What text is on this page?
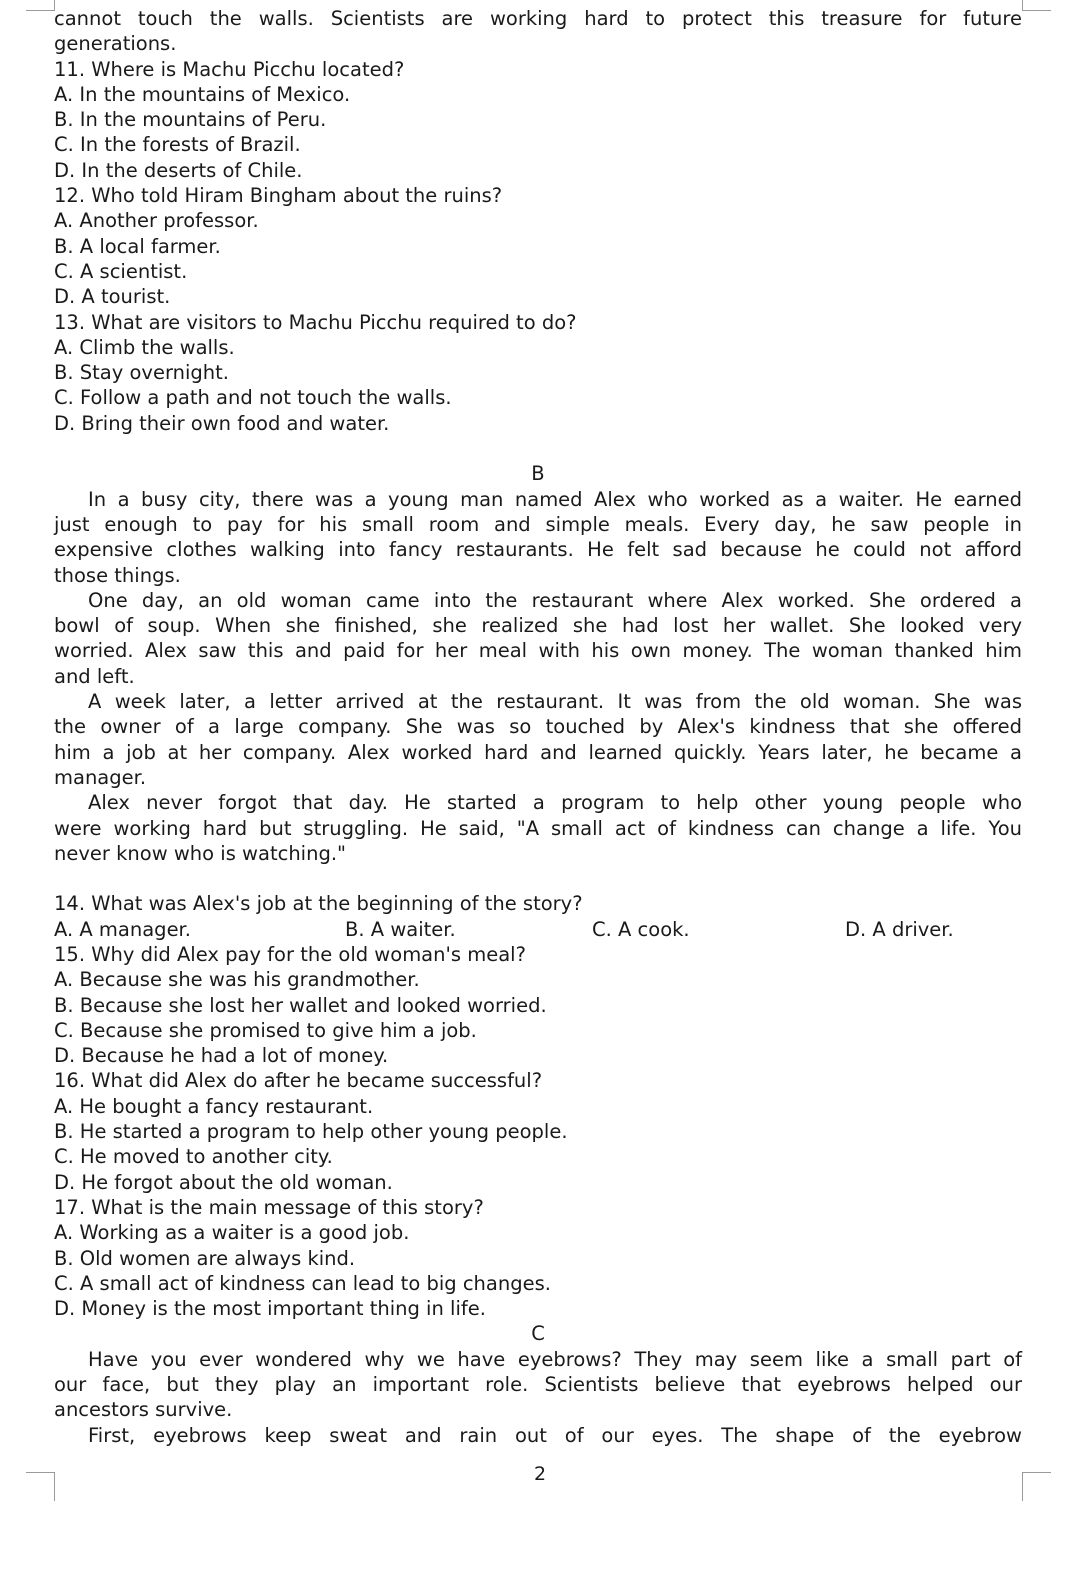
cannot touch the walls. Scientists are working hard to protect this treasure for future
generations.
11. Where is Machu Picchu located?
A. In the mountains of Mexico.
B. In the mountains of Peru.
C. In the forests of Brazil.
D. In the deserts of Chile.
12. Who told Hiram Bingham about the ruins?
A. Another professor.
B. A local farmer.
C. A scientist.
D. A tourist.
13. What are visitors to Machu Picchu required to do?
A. Climb the walls.
B. Stay overnight.
C. Follow a path and not touch the walls.
D. Bring their own food and water.
B
In a busy city, there was a young man named Alex who worked as a waiter. He earned
just enough to pay for his small room and simple meals. Every day, he saw people in
expensive clothes walking into fancy restaurants. He felt sad because he could not afford
those things.
One day, an old woman came into the restaurant where Alex worked. She ordered a
bowl of soup. When she finished, she realized she had lost her wallet. She looked very
worried. Alex saw this and paid for her meal with his own money. The woman thanked him
and left.
A week later, a letter arrived at the restaurant. It was from the old woman. She was
the owner of a large company. She was so touched by Alex's kindness that she offered
him a job at her company. Alex worked hard and learned quickly. Years later, he became a
manager.
Alex never forgot that day. He started a program to help other young people who
were working hard but struggling. He said, "A small act of kindness can change a life. You
never know who is watching."
14. What was Alex's job at the beginning of the story?
A. A manager.	B. A waiter.	C. A cook.	D. A driver.
15. Why did Alex pay for the old woman's meal?
A. Because she was his grandmother.
B. Because she lost her wallet and looked worried.
C. Because she promised to give him a job.
D. Because he had a lot of money.
16. What did Alex do after he became successful?
A. He bought a fancy restaurant.
B. He started a program to help other young people.
C. He moved to another city.
D. He forgot about the old woman.
17. What is the main message of this story?
A. Working as a waiter is a good job.
B. Old women are always kind.
C. A small act of kindness can lead to big changes.
D. Money is the most important thing in life.
C
Have you ever wondered why we have eyebrows? They may seem like a small part of
our face, but they play an important role. Scientists believe that eyebrows helped our
ancestors survive.
First, eyebrows keep sweat and rain out of our eyes. The shape of the eyebrow
2
